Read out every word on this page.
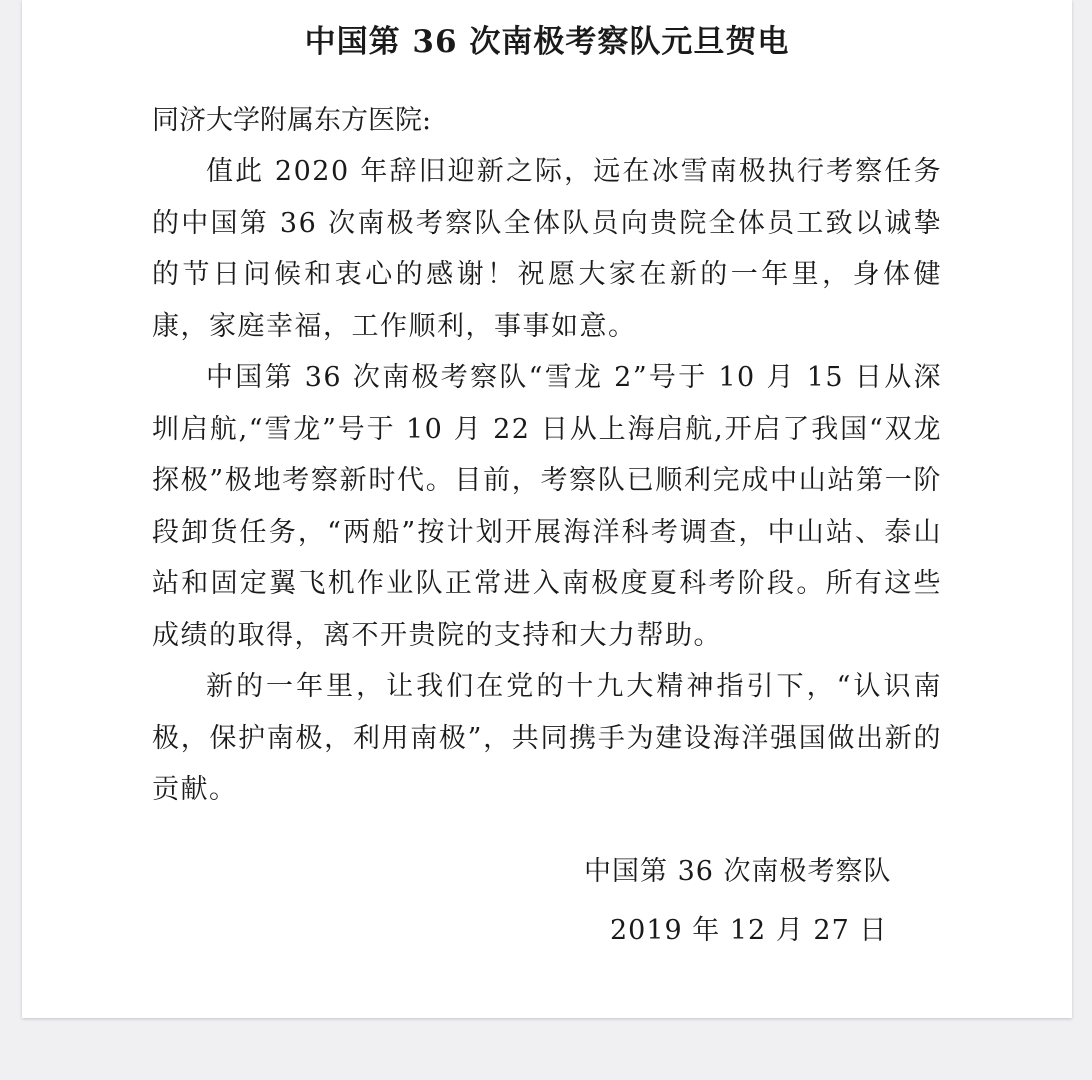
中国第 36 次南极考察队元旦贺电
同济大学附属东方医院:

值此 2020 年辞旧迎新之际，远在冰雪南极执行考察任务的中国第 36 次南极考察队全体队员向贵院全体员工致以诚挚的节日问候和衷心的感谢！祝愿大家在新的一年里，身体健康，家庭幸福，工作顺利，事事如意。

中国第 36 次南极考察队“雪龙 2”号于 10 月 15 日从深圳启航,“雪龙”号于 10 月 22 日从上海启航,开启了我国“双龙探极”极地考察新时代。目前，考察队已顺利完成中山站第一阶段卸货任务，“两船”按计划开展海洋科考调查，中山站、泰山站和固定翼飞机作业队正常进入南极度夏科考阶段。所有这些成绩的取得，离不开贵院的支持和大力帮助。

新的一年里，让我们在党的十九大精神指引下，“认识南极，保护南极，利用南极”，共同携手为建设海洋强国做出新的贡献。

中国第 36 次南极考察队
2019 年 12 月 27 日
